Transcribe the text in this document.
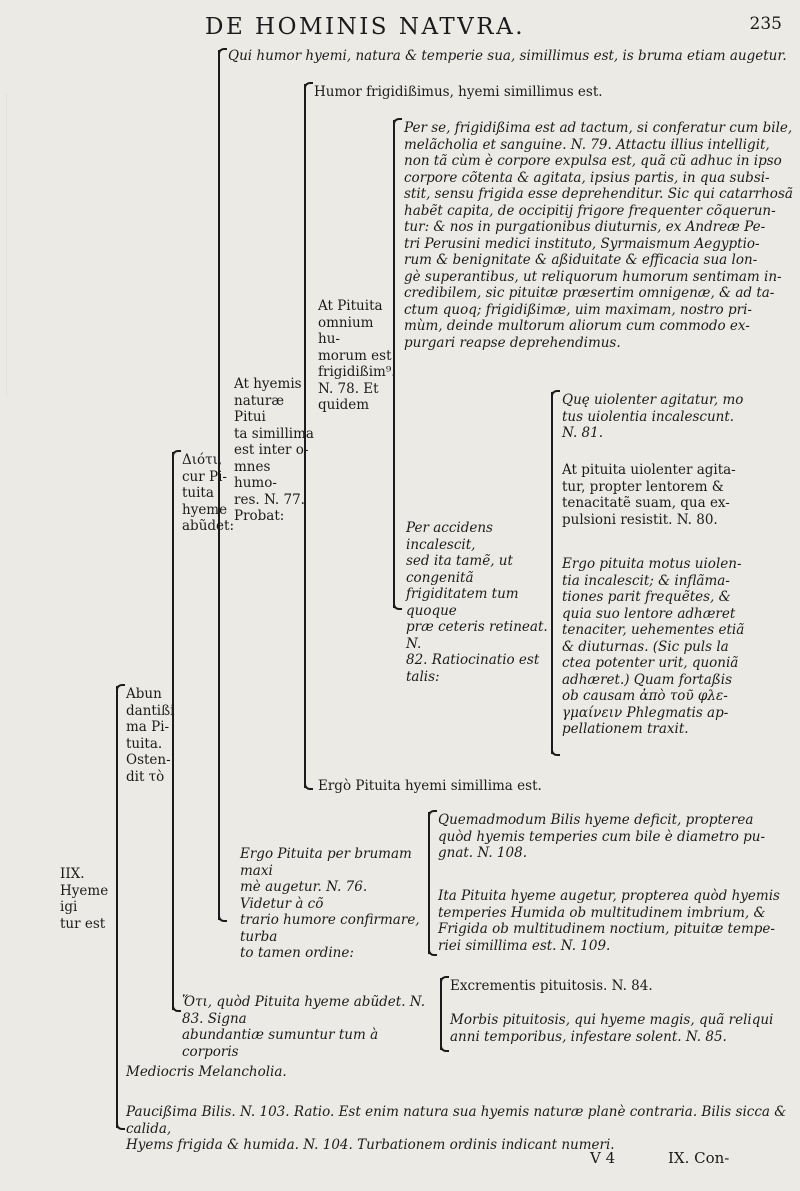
DE HOMINIS NATVRA.	235
Qui humor hyemi, natura & temperie sua, simillimus est, is bruma etiam augetur.
Humor frigidißimus, hyemi simillimus est.
Per se, frigidißima est ad tactum, si conferatur cum bile,
melãcholia et sanguine. N. 79. Attactu illius intelligit,
non tã cùm è corpore expulsa est, quã cũ adhuc in ipso
corpore cõtenta & agitata, ipsius partis, in qua subsi-
stit, sensu frigida esse deprehenditur. Sic qui catarrhosã
habẽt capita, de occipitij frigore frequenter cõquerun-
tur: & nos in purgationibus diuturnis, ex Andreæ Pe-
tri Perusini medici instituto, Syrmaismum Aegyptio-
rum & benignitate & aßiduitate & efficacia sua lon-
gè superantibus, ut reliquorum humorum sentimam in-
credibilem, sic pituitæ præsertim omnigenæ, & ad ta-
ctum quoq; frigidißimæ, uim maximam, nostro pri-
mùm, deinde multorum aliorum cum commodo ex-
purgari reapse deprehendimus.
At Pituita
omnium hu-
morum est
frigidißim⁹.
N. 78. Et
quidem	Quę uiolenter agitatur, mo
tus uiolentia incalescunt.
N. 81.
At hyemis
naturæ Pitui
ta simillima
est inter o-
mnes humo-
res. N. 77.
Probat:
At pituita uiolenter agita-
tur, propter lentorem &
tenacitatẽ suam, qua ex-
pulsioni resistit. N. 80.
Διότι,
cur Pi-
tuita
hyeme
abũdet:	Per accidens incalescit,
sed ita tamẽ, ut congenitã
frigiditatem tum quoque
præ ceteris retineat. N.
82. Ratiocinatio est talis:
Ergo pituita motus uiolen-
tia incalescit; & inflãma-
tiones parit frequẽtes, &
quia suo lentore adhæret
tenaciter, uehementes etiã
& diuturnas. (Sic puls la
ctea potenter urit, quoniã
adhæret.) Quam fortaßis
ob causam ἀπὸ τοῦ φλε-
γμαίνειν Phlegmatis ap-
pellationem traxit.
Abun
dantißi
ma Pi-
tuita.
Osten-
dit τὸ
Ergò Pituita hyemi simillima est.
Quemadmodum Bilis hyeme deficit, propterea
quòd hyemis temperies cum bile è diametro pu-
gnat. N. 108.
Ergo Pituita per brumam maxi
mè augetur. N. 76. Videtur à cõ
trario humore confirmare, turba
to tamen ordine:
IIX.
Hyeme igi
tur est
Ita Pituita hyeme augetur, propterea quòd hyemis
temperies Humida ob multitudinem imbrium, &
Frigida ob multitudinem noctium, pituitæ tempe-
riei simillima est. N. 109.
Excrementis pituitosis. N. 84.
Ὅτι, quòd Pituita hyeme abũdet. N. 83. Signa
abundantiæ sumuntur tum à corporis
Morbis pituitosis, qui hyeme magis, quã reliqui
anni temporibus, infestare solent. N. 85.
Mediocris Melancholia.
Paucißima Bilis. N. 103. Ratio. Est enim natura sua hyemis naturæ planè contraria. Bilis sicca & calida,
Hyems frigida & humida. N. 104. Turbationem ordinis indicant numeri.
V 4	IX. Con-
